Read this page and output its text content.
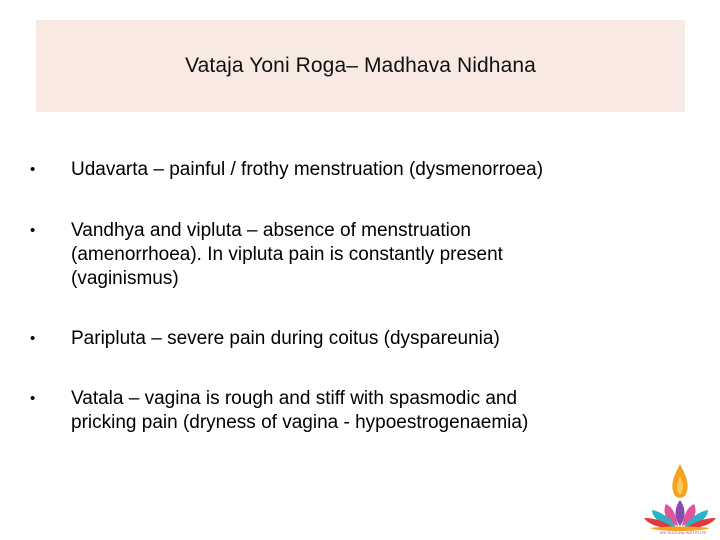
Vataja Yoni Roga– Madhava Nidhana
• Udavarta – painful / frothy menstruation (dysmenorroea)
• Vandhya and vipluta – absence of menstruation
(amenorrhoea). In vipluta pain is constantly present
(vaginismus)
• Paripluta – severe pain during coitus (dyspareunia)
• Vatala – vagina is rough and stiff with spasmodic and
pricking pain (dryness of vagina - hypoestrogenaemia)
SRI SUGUNA INSTITUTE
